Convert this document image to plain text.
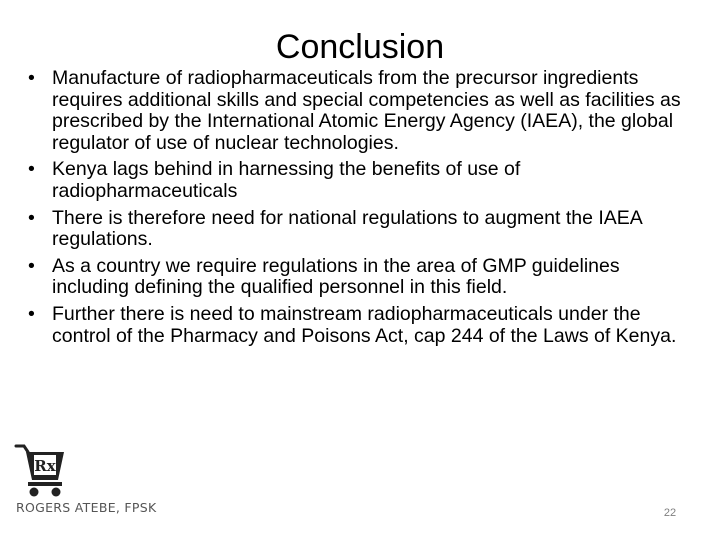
Conclusion
• Manufacture of radiopharmaceuticals from the precursor ingredients requires additional skills and special competencies as well as facilities as prescribed by the International Atomic Energy Agency (IAEA), the global regulator of use of nuclear technologies.
• Kenya lags behind in harnessing the benefits of use of radiopharmaceuticals
• There is therefore need for national regulations to augment the IAEA regulations.
• As a country we require regulations in the area of GMP guidelines including defining the qualified personnel in this field.
• Further there is need to mainstream radiopharmaceuticals under the control of the Pharmacy and Poisons Act, cap 244 of the Laws of Kenya.
Rx
ROGERS ATEBE, FPSK	22
